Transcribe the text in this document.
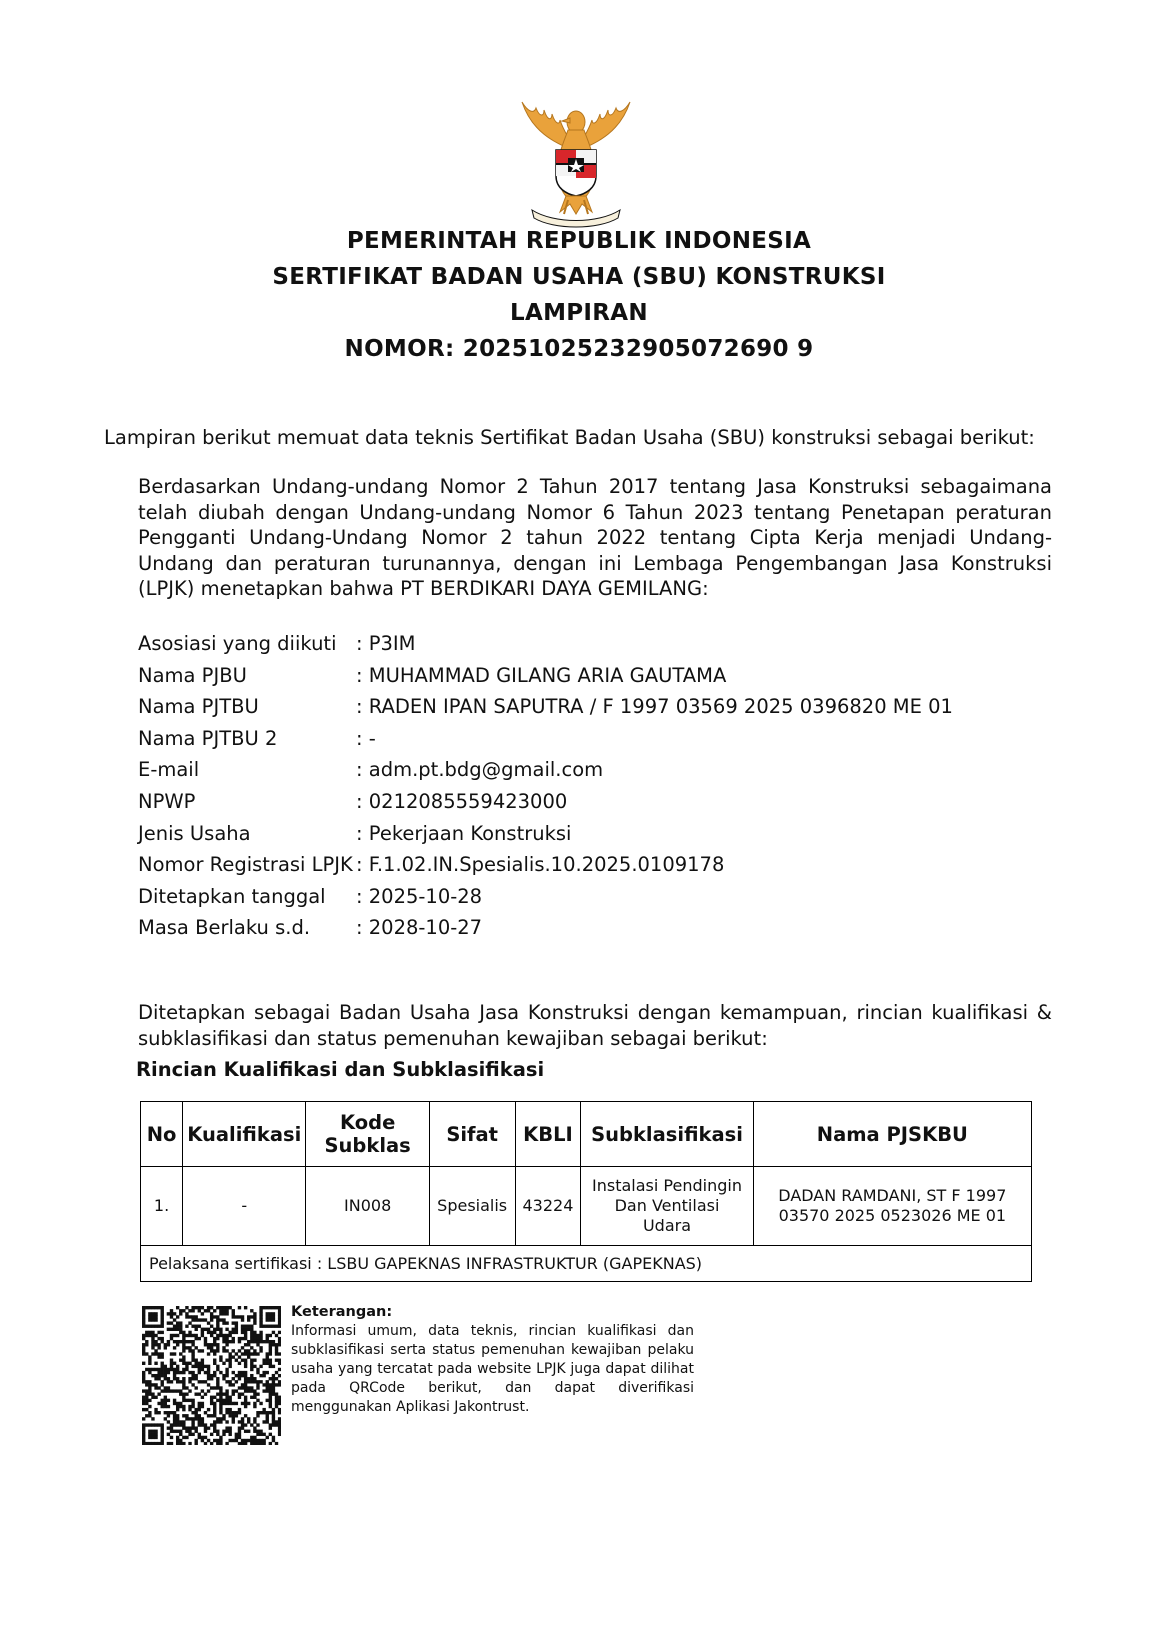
PEMERINTAH REPUBLIK INDONESIA
SERTIFIKAT BADAN USAHA (SBU) KONSTRUKSI
LAMPIRAN
NOMOR: 20251025232905072690 9
Lampiran berikut memuat data teknis Sertifikat Badan Usaha (SBU) konstruksi sebagai berikut:
Berdasarkan Undang-undang Nomor 2 Tahun 2017 tentang Jasa Konstruksi sebagaimana telah diubah dengan Undang-undang Nomor 6 Tahun 2023 tentang Penetapan peraturan Pengganti Undang-Undang Nomor 2 tahun 2022 tentang Cipta Kerja menjadi Undang-Undang dan peraturan turunannya, dengan ini Lembaga Pengembangan Jasa Konstruksi (LPJK) menetapkan bahwa PT BERDIKARI DAYA GEMILANG:
Asosiasi yang diikuti	: P3IM
Nama PJBU	: MUHAMMAD GILANG ARIA GAUTAMA
Nama PJTBU	: RADEN IPAN SAPUTRA / F 1997 03569 2025 0396820 ME 01
Nama PJTBU 2	: -
E-mail	: adm.pt.bdg@gmail.com
NPWP	: 0212085559423000
Jenis Usaha	: Pekerjaan Konstruksi
Nomor Registrasi LPJK : F.1.02.IN.Spesialis.10.2025.0109178
Ditetapkan tanggal	: 2025-10-28
Masa Berlaku s.d.	: 2028-10-27
Ditetapkan sebagai Badan Usaha Jasa Konstruksi dengan kemampuan, rincian kualifikasi & subklasifikasi dan status pemenuhan kewajiban sebagai berikut:
Rincian Kualifikasi dan Subklasifikasi
No	Kualifikasi	Kode Subklas	Sifat	KBLI	Subklasifikasi	Nama PJSKBU
1.	-	IN008	Spesialis	43224	Instalasi Pendingin Dan Ventilasi Udara	DADAN RAMDANI, ST F 1997 03570 2025 0523026 ME 01
Pelaksana sertifikasi : LSBU GAPEKNAS INFRASTRUKTUR (GAPEKNAS)						
Keterangan:
Informasi umum, data teknis, rincian kualifikasi dan subklasifikasi serta status pemenuhan kewajiban pelaku usaha yang tercatat pada website LPJK juga dapat dilihat pada QRCode berikut, dan dapat diverifikasi menggunakan Aplikasi Jakontrust.
